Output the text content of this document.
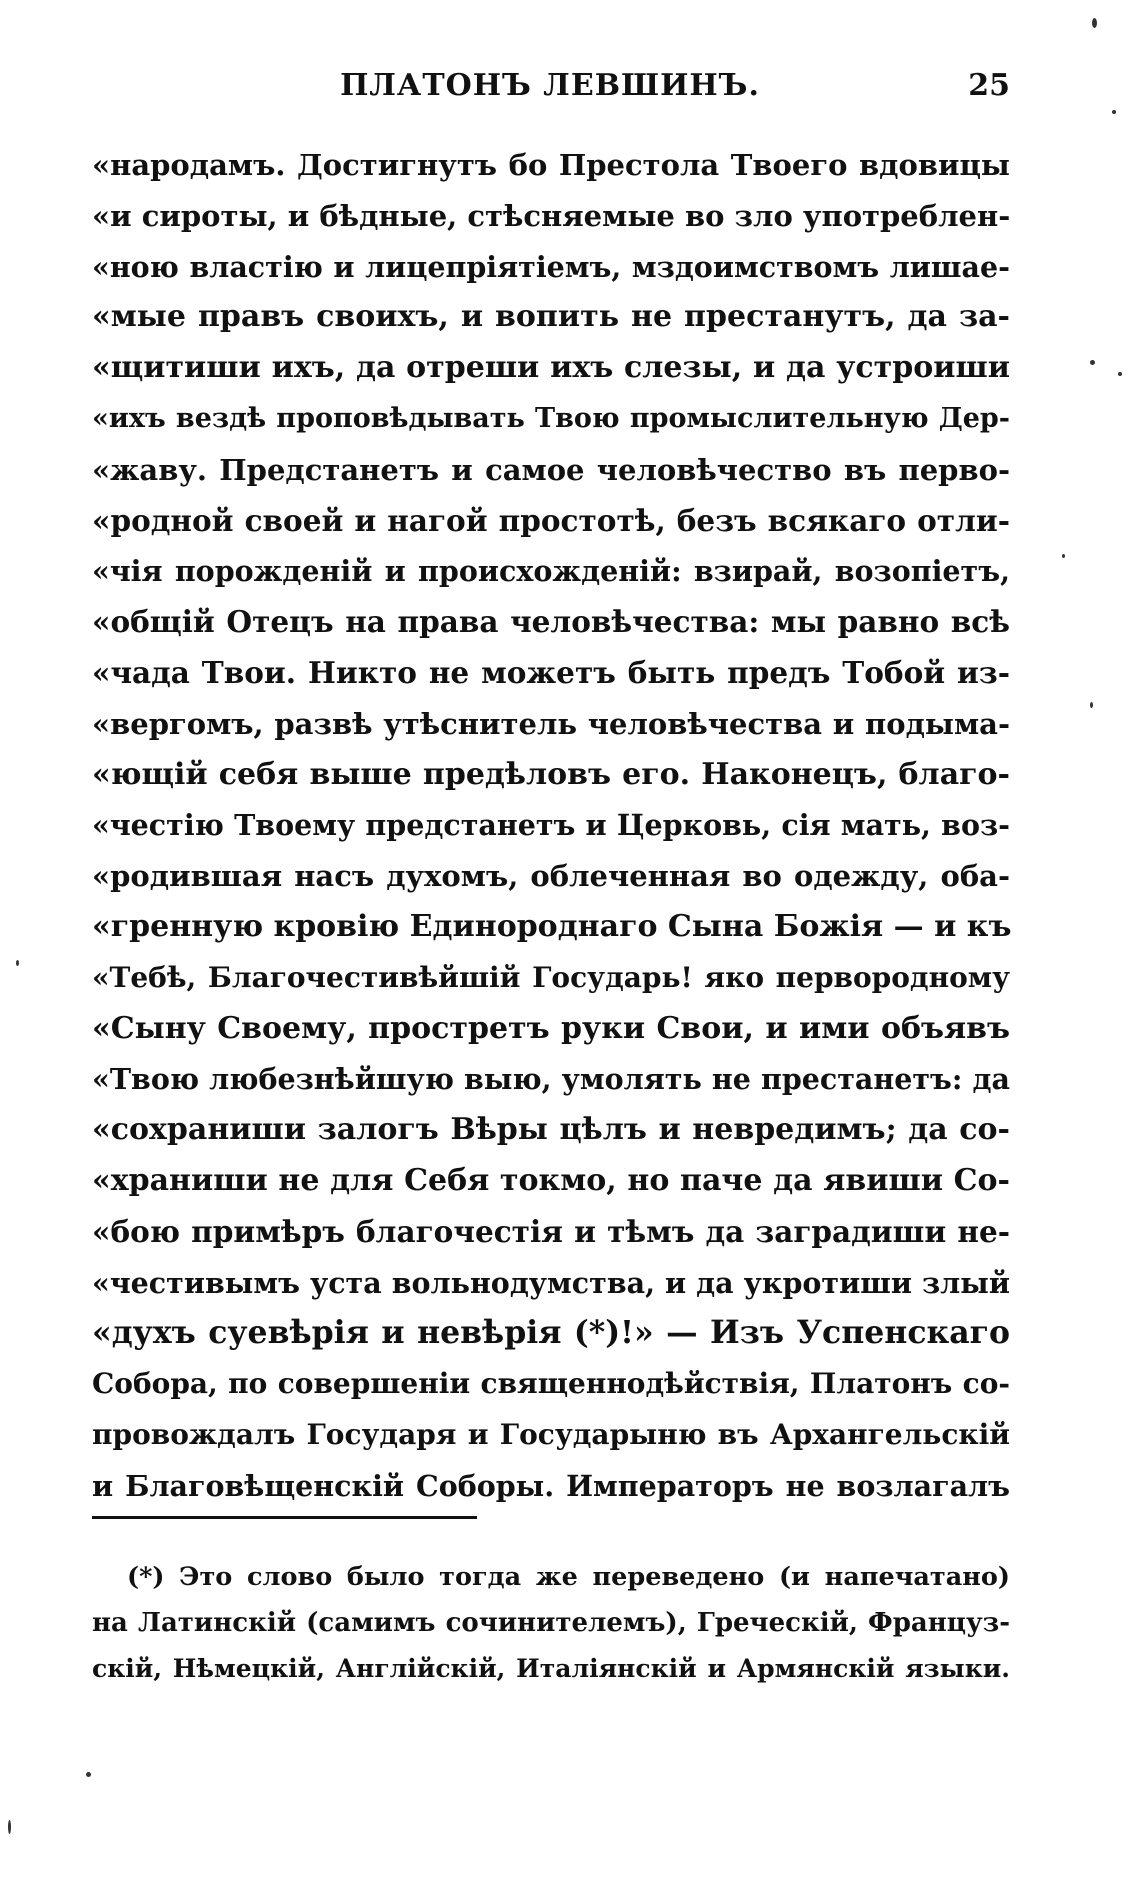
ПЛАТОНЪ ЛЕВШИНЪ.	25
«народамъ. Достигнутъ бо Престола Твоего вдовицы
«и сироты, и бѣдные, стѣсняемые во зло употреблен-
«ною властію и лицепріятіемъ, мздоимствомъ лишае-
«мые правъ своихъ, и вопить не престанутъ, да за-
«щитиши ихъ, да отреши ихъ слезы, и да устроиши
«ихъ вездѣ проповѣдывать Твою промыслительную Дер-
«жаву. Предстанетъ и самое человѣчество въ перво-
«родной своей и нагой простотѣ, безъ всякаго отли-
«чія порожденій и происхожденій: взирай, возопіетъ,
«общій Отецъ на права человѣчества: мы равно всѣ
«чада Твои. Никто не можетъ быть предъ Тобой из-
«вергомъ, развѣ утѣснитель человѣчества и подыма-
«ющій себя выше предѣловъ его. Наконецъ, благо-
«честію Твоему предстанетъ и Церковь, сія мать, воз-
«родившая насъ духомъ, облеченная во одежду, оба-
«гренную кровію Единороднаго Сына Божія — и къ
«Тебѣ, Благочестивѣйшій Государь! яко первородному
«Сыну Своему, прострeтъ руки Свои, и ими объявъ
«Твою любезнѣйшую выю, умолять не престанетъ: да
«сохраниши залогъ Вѣры цѣлъ и невредимъ; да со-
«храниши не для Себя токмо, но паче да явиши Со-
«бою примѣръ благочестія и тѣмъ да заградиши не-
«честивымъ уста вольнодумства, и да укротиши злый
«духъ суевѣрія и невѣрія (*)!» — Изъ Успенскаго
Собора, по совершеніи священнодѣйствія, Платонъ со-
провождалъ Государя и Государыню въ Архангельскій
и Благовѣщенскій Соборы. Императоръ не возлагалъ
(*) Это слово было тогда же переведено (и напечатано)
на Латинскій (самимъ сочинителемъ), Греческій, Француз-
скій, Нѣмецкій, Англійскій, Италіянскій и Армянскій языки.
